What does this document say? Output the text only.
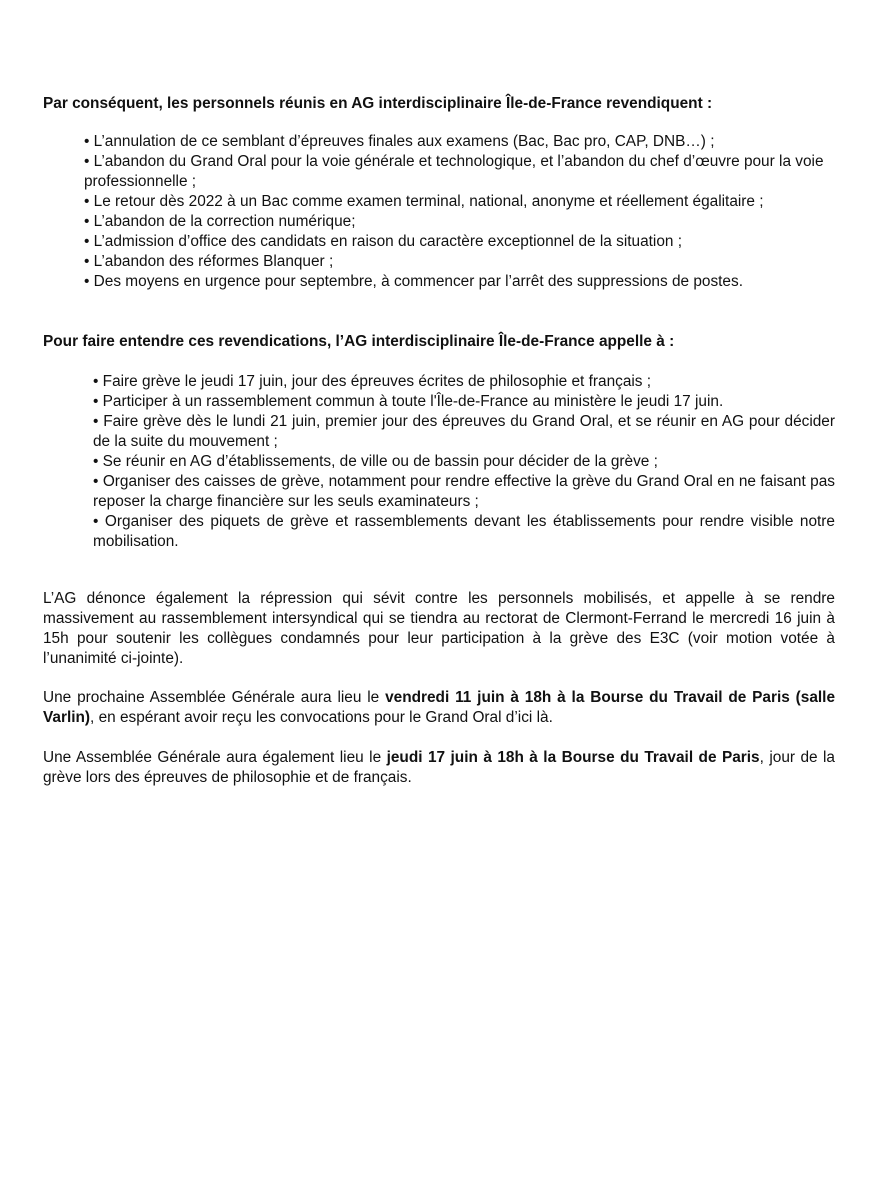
Par conséquent, les personnels réunis en AG interdisciplinaire Île-de-France revendiquent :

• L’annulation de ce semblant d’épreuves finales aux examens (Bac, Bac pro, CAP, DNB…) ;
• L’abandon du Grand Oral pour la voie générale et technologique, et l’abandon du chef d’œuvre pour la voie professionnelle ;
• Le retour dès 2022 à un Bac comme examen terminal, national, anonyme et réellement égalitaire ;
• L’abandon de la correction numérique;
• L’admission d’office des candidats en raison du caractère exceptionnel de la situation ;
• L’abandon des réformes Blanquer ;
• Des moyens en urgence pour septembre, à commencer par l’arrêt des suppressions de postes.

Pour faire entendre ces revendications, l’AG interdisciplinaire Île-de-France appelle à :

• Faire grève le jeudi 17 juin, jour des épreuves écrites de philosophie et français ;
• Participer à un rassemblement commun à toute l'Île-de-France au ministère le jeudi 17 juin.
• Faire grève dès le lundi 21 juin, premier jour des épreuves du Grand Oral, et se réunir en AG pour décider de la suite du mouvement ;
• Se réunir en AG d’établissements, de ville ou de bassin pour décider de la grève ;
• Organiser des caisses de grève, notamment pour rendre effective la grève du Grand Oral en ne faisant pas reposer la charge financière sur les seuls examinateurs ;
• Organiser des piquets de grève et rassemblements devant les établissements pour rendre visible notre mobilisation.

L’AG dénonce également la répression qui sévit contre les personnels mobilisés, et appelle à se rendre massivement au rassemblement intersyndical qui se tiendra au rectorat de Clermont-Ferrand le mercredi 16 juin à 15h pour soutenir les collègues condamnés pour leur participation à la grève des E3C (voir motion votée à l’unanimité ci-jointe).

Une prochaine Assemblée Générale aura lieu le vendredi 11 juin à 18h à la Bourse du Travail de Paris (salle Varlin), en espérant avoir reçu les convocations pour le Grand Oral d’ici là.

Une Assemblée Générale aura également lieu le jeudi 17 juin à 18h à la Bourse du Travail de Paris, jour de la grève lors des épreuves de philosophie et de français.
